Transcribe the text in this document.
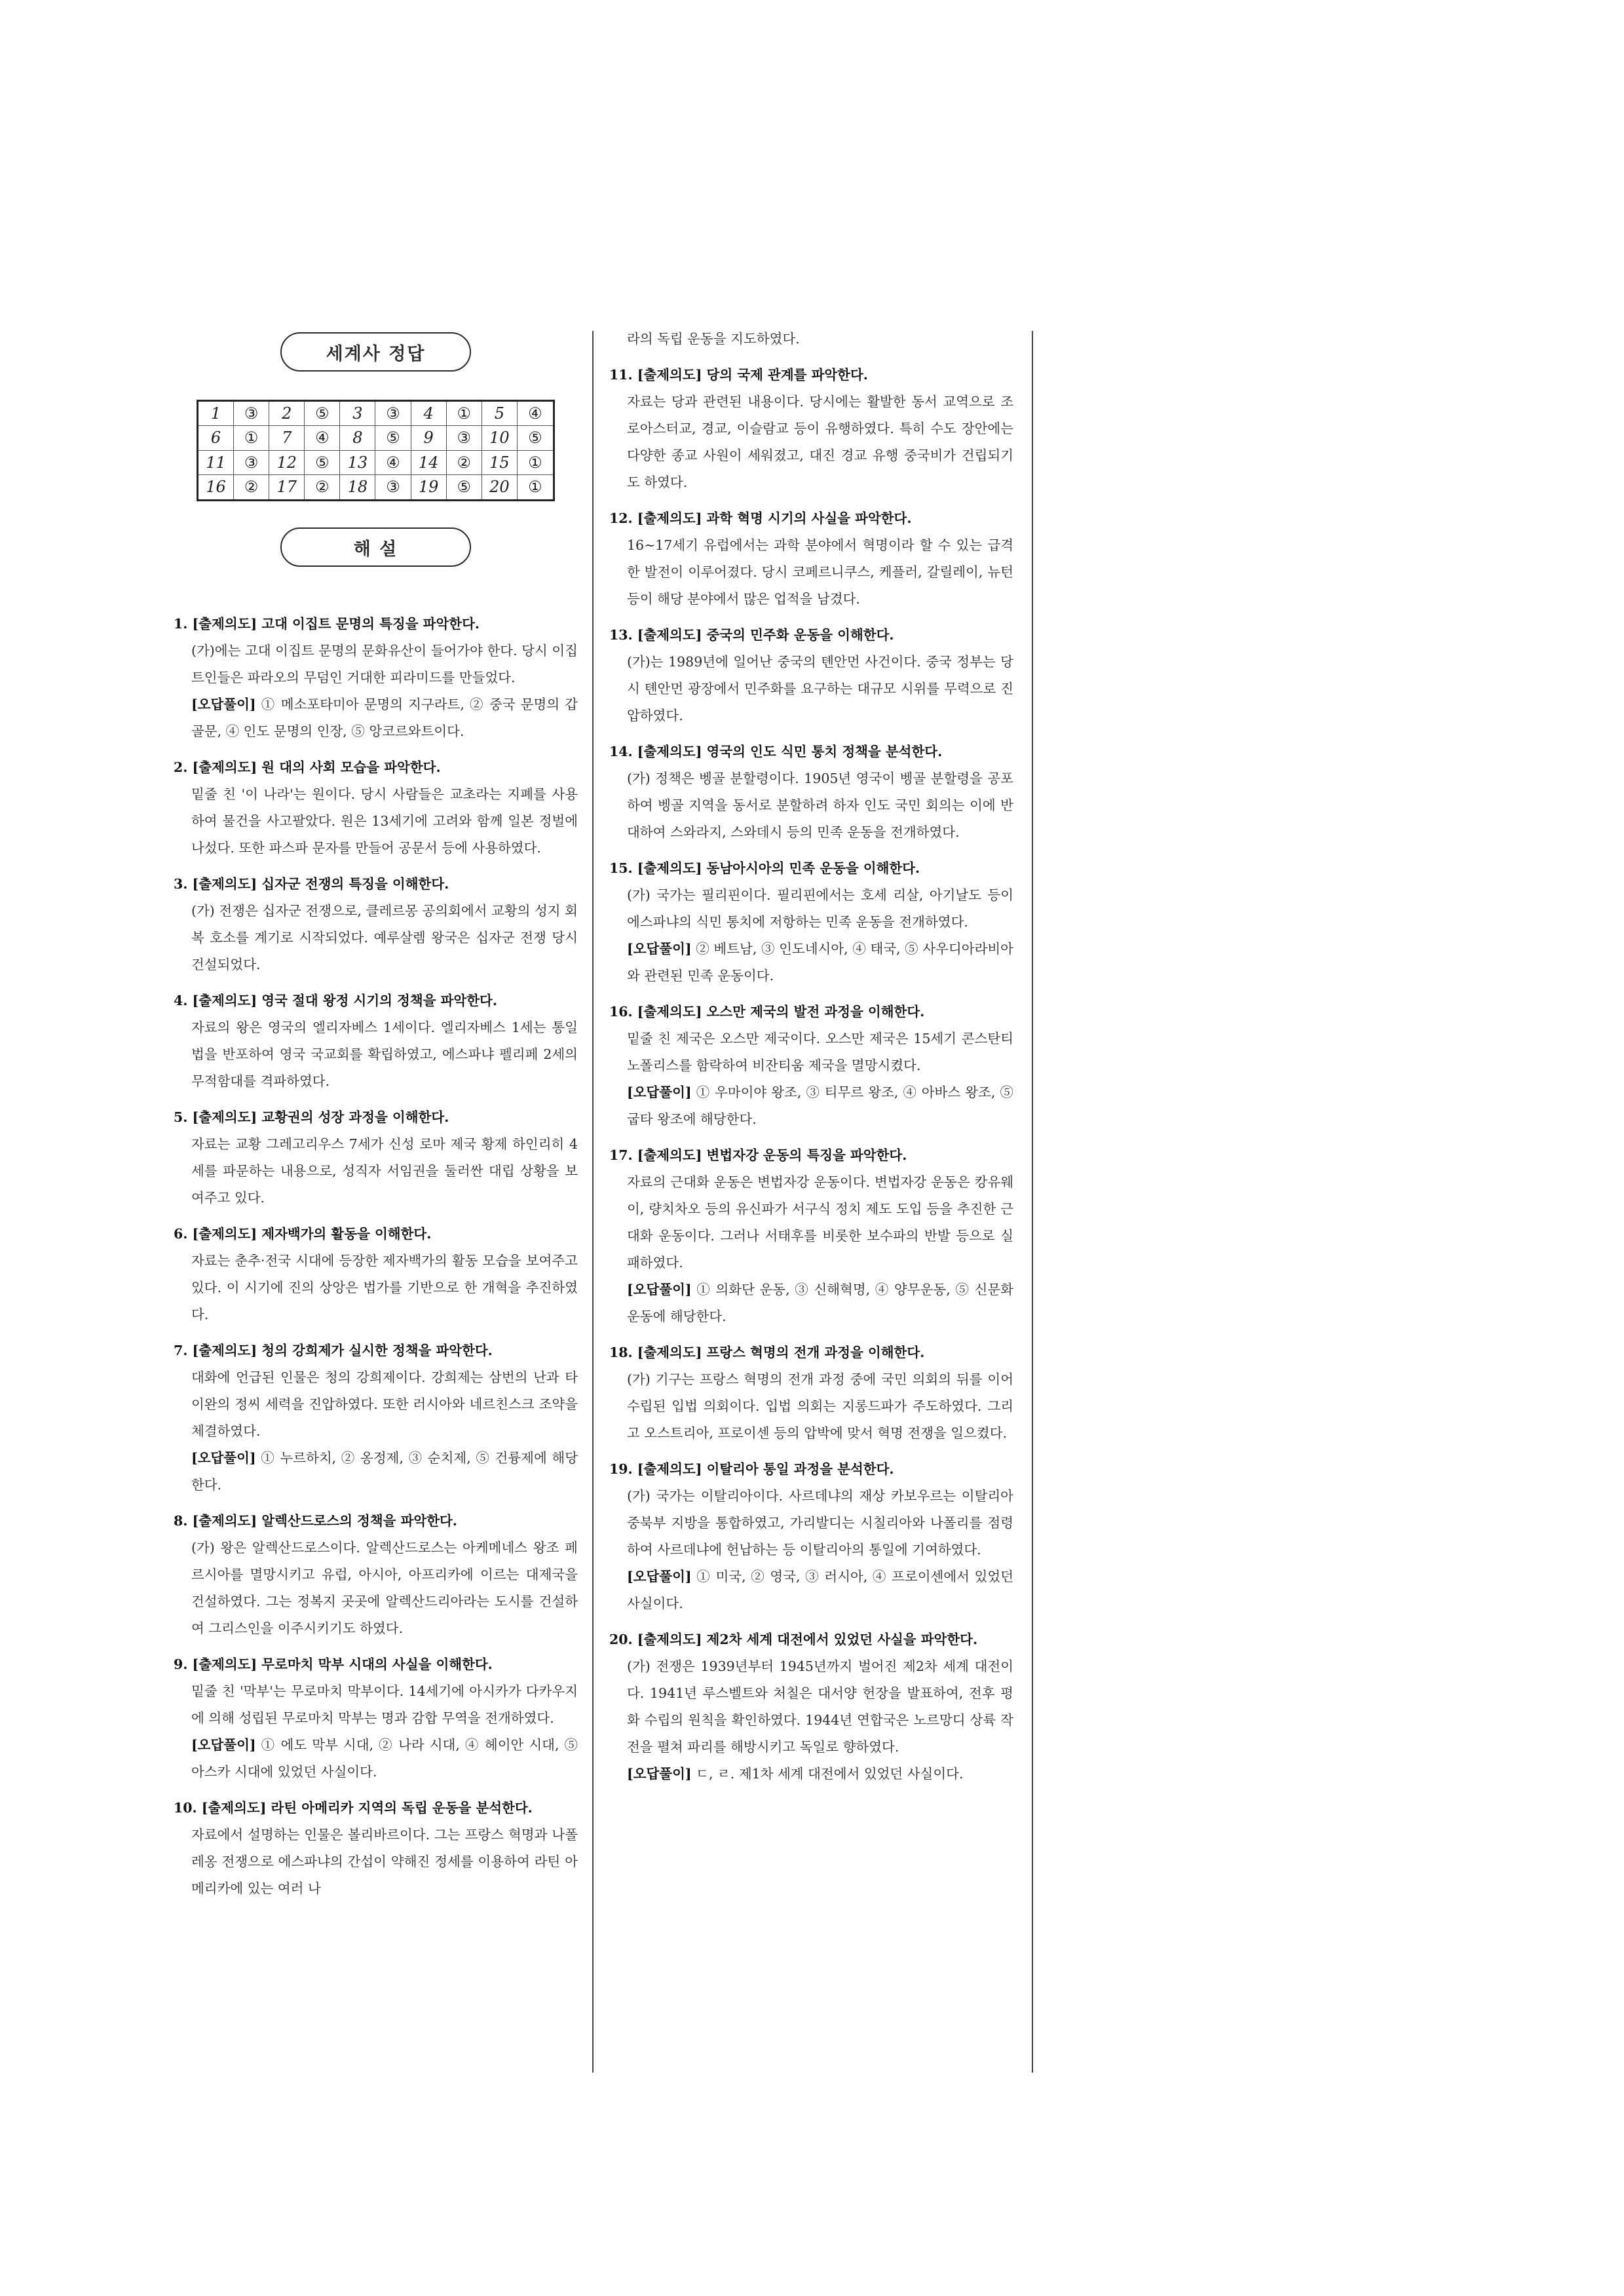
세계사 정답
1	③	2	⑤	3	③	4	①	5	④
6	①	7	④	8	⑤	9	③	10	⑤
11	③	12	⑤	13	④	14	②	15	①
16	②	17	②	18	③	19	⑤	20	①
해 설
1. [출제의도] 고대 이집트 문명의 특징을 파악한다.
(가)에는 고대 이집트 문명의 문화유산이 들어가야 한다. 당시 이집트인들은 파라오의 무덤인 거대한 피라미드를 만들었다.
[오답풀이] ① 메소포타미아 문명의 지구라트, ② 중국 문명의 갑골문, ④ 인도 문명의 인장, ⑤ 앙코르와트이다.
2. [출제의도] 원 대의 사회 모습을 파악한다.
밑줄 친 '이 나라'는 원이다. 당시 사람들은 교초라는 지폐를 사용하여 물건을 사고팔았다. 원은 13세기에 고려와 함께 일본 정벌에 나섰다. 또한 파스파 문자를 만들어 공문서 등에 사용하였다.
3. [출제의도] 십자군 전쟁의 특징을 이해한다.
(가) 전쟁은 십자군 전쟁으로, 클레르몽 공의회에서 교황의 성지 회복 호소를 계기로 시작되었다. 예루살렘 왕국은 십자군 전쟁 당시 건설되었다.
4. [출제의도] 영국 절대 왕정 시기의 정책을 파악한다.
자료의 왕은 영국의 엘리자베스 1세이다. 엘리자베스 1세는 통일법을 반포하여 영국 국교회를 확립하였고, 에스파냐 펠리페 2세의 무적함대를 격파하였다.
5. [출제의도] 교황권의 성장 과정을 이해한다.
자료는 교황 그레고리우스 7세가 신성 로마 제국 황제 하인리히 4세를 파문하는 내용으로, 성직자 서임권을 둘러싼 대립 상황을 보여주고 있다.
6. [출제의도] 제자백가의 활동을 이해한다.
자료는 춘추·전국 시대에 등장한 제자백가의 활동 모습을 보여주고 있다. 이 시기에 진의 상앙은 법가를 기반으로 한 개혁을 추진하였다.
7. [출제의도] 청의 강희제가 실시한 정책을 파악한다.
대화에 언급된 인물은 청의 강희제이다. 강희제는 삼번의 난과 타이완의 정씨 세력을 진압하였다. 또한 러시아와 네르친스크 조약을 체결하였다.
[오답풀이] ① 누르하치, ② 옹정제, ③ 순치제, ⑤ 건륭제에 해당한다.
8. [출제의도] 알렉산드로스의 정책을 파악한다.
(가) 왕은 알렉산드로스이다. 알렉산드로스는 아케메네스 왕조 페르시아를 멸망시키고 유럽, 아시아, 아프리카에 이르는 대제국을 건설하였다. 그는 정복지 곳곳에 알렉산드리아라는 도시를 건설하여 그리스인을 이주시키기도 하였다.
9. [출제의도] 무로마치 막부 시대의 사실을 이해한다.
밑줄 친 '막부'는 무로마치 막부이다. 14세기에 아시카가 다카우지에 의해 성립된 무로마치 막부는 명과 감합 무역을 전개하였다.
[오답풀이] ① 에도 막부 시대, ② 나라 시대, ④ 헤이안 시대, ⑤ 아스카 시대에 있었던 사실이다.
10. [출제의도] 라틴 아메리카 지역의 독립 운동을 분석한다.
자료에서 설명하는 인물은 볼리바르이다. 그는 프랑스 혁명과 나폴레옹 전쟁으로 에스파냐의 간섭이 약해진 정세를 이용하여 라틴 아메리카에 있는 여러 나
라의 독립 운동을 지도하였다.
11. [출제의도] 당의 국제 관계를 파악한다.
자료는 당과 관련된 내용이다. 당시에는 활발한 동서 교역으로 조로아스터교, 경교, 이슬람교 등이 유행하였다. 특히 수도 장안에는 다양한 종교 사원이 세워졌고, 대진 경교 유행 중국비가 건립되기도 하였다.
12. [출제의도] 과학 혁명 시기의 사실을 파악한다.
16∼17세기 유럽에서는 과학 분야에서 혁명이라 할 수 있는 급격한 발전이 이루어졌다. 당시 코페르니쿠스, 케플러, 갈릴레이, 뉴턴 등이 해당 분야에서 많은 업적을 남겼다.
13. [출제의도] 중국의 민주화 운동을 이해한다.
(가)는 1989년에 일어난 중국의 톈안먼 사건이다. 중국 정부는 당시 톈안먼 광장에서 민주화를 요구하는 대규모 시위를 무력으로 진압하였다.
14. [출제의도] 영국의 인도 식민 통치 정책을 분석한다.
(가) 정책은 벵골 분할령이다. 1905년 영국이 벵골 분할령을 공포하여 벵골 지역을 동서로 분할하려 하자 인도 국민 회의는 이에 반대하여 스와라지, 스와데시 등의 민족 운동을 전개하였다.
15. [출제의도] 동남아시아의 민족 운동을 이해한다.
(가) 국가는 필리핀이다. 필리핀에서는 호세 리살, 아기날도 등이 에스파냐의 식민 통치에 저항하는 민족 운동을 전개하였다.
[오답풀이] ② 베트남, ③ 인도네시아, ④ 태국, ⑤ 사우디아라비아와 관련된 민족 운동이다.
16. [출제의도] 오스만 제국의 발전 과정을 이해한다.
밑줄 친 제국은 오스만 제국이다. 오스만 제국은 15세기 콘스탄티노폴리스를 함락하여 비잔티움 제국을 멸망시켰다.
[오답풀이] ① 우마이야 왕조, ③ 티무르 왕조, ④ 아바스 왕조, ⑤ 굽타 왕조에 해당한다.
17. [출제의도] 변법자강 운동의 특징을 파악한다.
자료의 근대화 운동은 변법자강 운동이다. 변법자강 운동은 캉유웨이, 량치차오 등의 유신파가 서구식 정치 제도 도입 등을 추진한 근대화 운동이다. 그러나 서태후를 비롯한 보수파의 반발 등으로 실패하였다.
[오답풀이] ① 의화단 운동, ③ 신해혁명, ④ 양무운동, ⑤ 신문화 운동에 해당한다.
18. [출제의도] 프랑스 혁명의 전개 과정을 이해한다.
(가) 기구는 프랑스 혁명의 전개 과정 중에 국민 의회의 뒤를 이어 수립된 입법 의회이다. 입법 의회는 지롱드파가 주도하였다. 그리고 오스트리아, 프로이센 등의 압박에 맞서 혁명 전쟁을 일으켰다.
19. [출제의도] 이탈리아 통일 과정을 분석한다.
(가) 국가는 이탈리아이다. 사르데냐의 재상 카보우르는 이탈리아 중북부 지방을 통합하였고, 가리발디는 시칠리아와 나폴리를 점령하여 사르데냐에 헌납하는 등 이탈리아의 통일에 기여하였다.
[오답풀이] ① 미국, ② 영국, ③ 러시아, ④ 프로이센에서 있었던 사실이다.
20. [출제의도] 제2차 세계 대전에서 있었던 사실을 파악한다.
(가) 전쟁은 1939년부터 1945년까지 벌어진 제2차 세계 대전이다. 1941년 루스벨트와 처칠은 대서양 헌장을 발표하여, 전후 평화 수립의 원칙을 확인하였다. 1944년 연합국은 노르망디 상륙 작전을 펼쳐 파리를 해방시키고 독일로 향하였다.
[오답풀이] ㄷ, ㄹ. 제1차 세계 대전에서 있었던 사실이다.
